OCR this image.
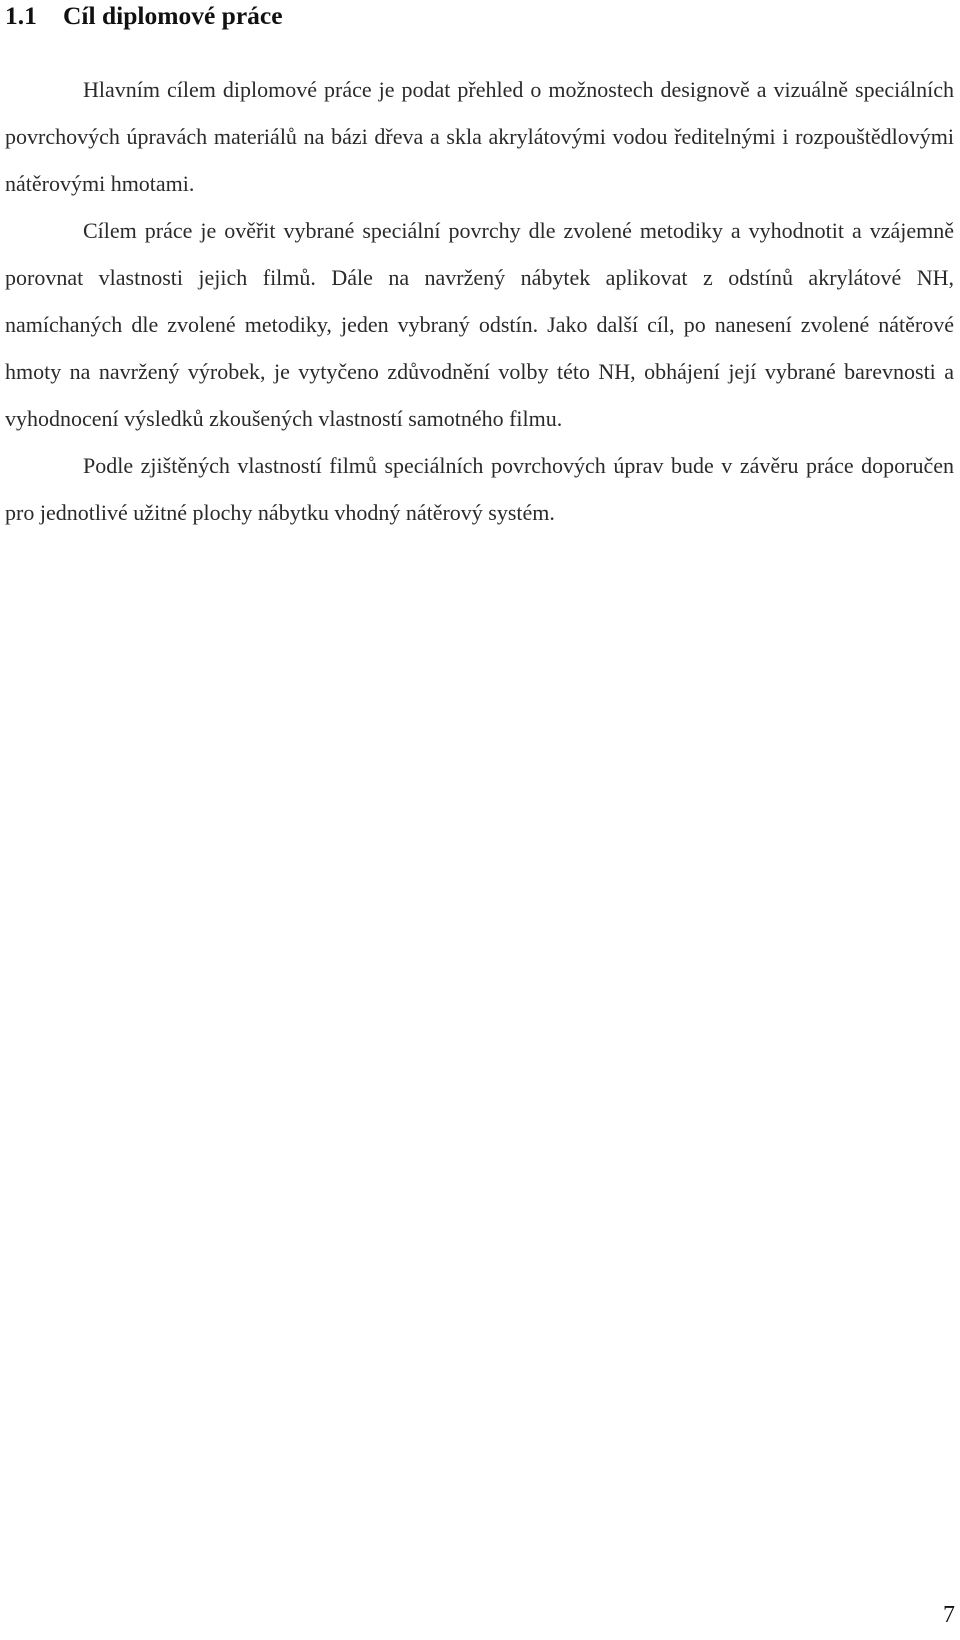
1.1 Cíl diplomové práce

Hlavním cílem diplomové práce je podat přehled o možnostech designově a vizuálně speciálních povrchových úpravách materiálů na bázi dřeva a skla akrylátovými vodou ředitelnými i rozpouštědlovými nátěrovými hmotami.

Cílem práce je ověřit vybrané speciální povrchy dle zvolené metodiky a vyhodnotit a vzájemně porovnat vlastnosti jejich filmů. Dále na navržený nábytek aplikovat z odstínů akrylátové NH, namíchaných dle zvolené metodiky, jeden vybraný odstín. Jako další cíl, po nanesení zvolené nátěrové hmoty na navržený výrobek, je vytyčeno zdůvodnění volby této NH, obhájení její vybrané barevnosti a vyhodnocení výsledků zkoušených vlastností samotného filmu.

Podle zjištěných vlastností filmů speciálních povrchových úprav bude v závěru práce doporučen pro jednotlivé užitné plochy nábytku vhodný nátěrový systém.

7
